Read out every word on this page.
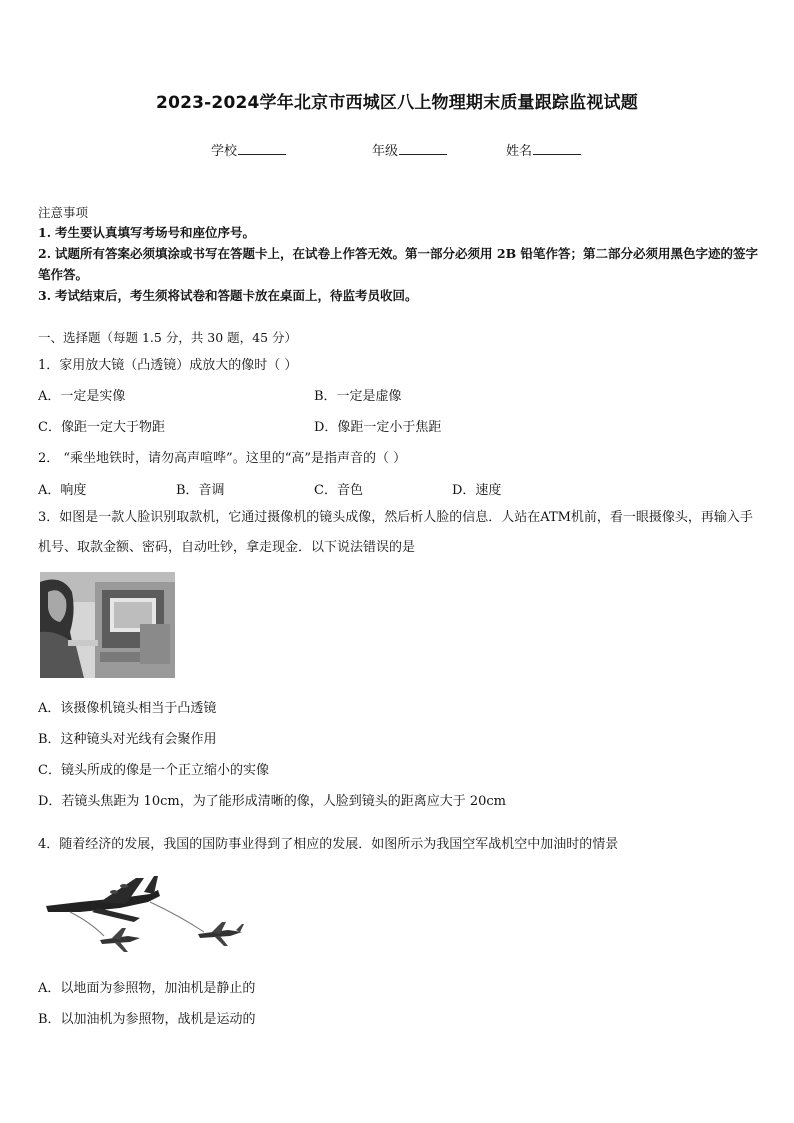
2023-2024学年北京市西城区八上物理期末质量跟踪监视试题
学校	年级	姓名
注意事项
1. 考生要认真填写考场号和座位序号。
2. 试题所有答案必须填涂或书写在答题卡上，在试卷上作答无效。第一部分必须用 2B 铅笔作答；第二部分必须用黑色字迹的签字笔作答。
3. 考试结束后，考生须将试卷和答题卡放在桌面上，待监考员收回。
一、选择题（每题 1.5 分，共 30 题，45 分）
1．家用放大镜（凸透镜）成放大的像时（ ）
A．一定是实像	B．一定是虚像
C．像距一定大于物距	D．像距一定小于焦距
2． “乘坐地铁时，请勿高声喧哗”。这里的“高”是指声音的（ ）
A．响度	B．音调	C．音色	D．速度
3．如图是一款人脸识别取款机，它通过摄像机的镜头成像，然后析人脸的信息．人站在ATM机前，看一眼摄像头，再输入手机号、取款金额、密码，自动吐钞，拿走现金．以下说法错误的是
A．该摄像机镜头相当于凸透镜
B．这种镜头对光线有会聚作用
C．镜头所成的像是一个正立缩小的实像
D．若镜头焦距为 10cm，为了能形成清晰的像，人脸到镜头的距离应大于 20cm
4．随着经济的发展，我国的国防事业得到了相应的发展．如图所示为我国空军战机空中加油时的情景
A．以地面为参照物，加油机是静止的
B．以加油机为参照物，战机是运动的
